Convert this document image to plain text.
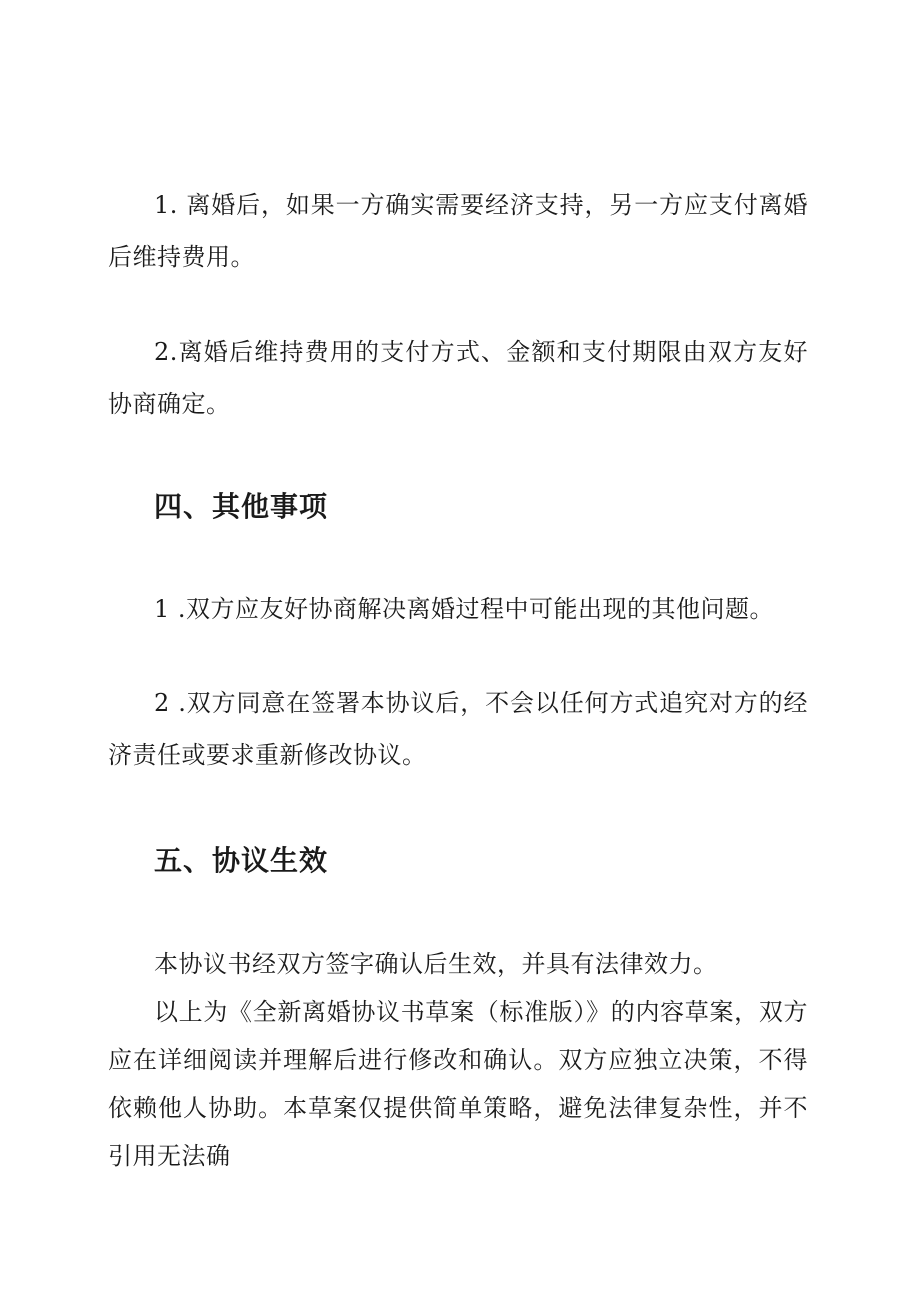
1. 离婚后，如果一方确实需要经济支持，另一方应支付离婚后维持费用。

2.离婚后维持费用的支付方式、金额和支付期限由双方友好协商确定。

四、其他事项

1 .双方应友好协商解决离婚过程中可能出现的其他问题。

2 .双方同意在签署本协议后，不会以任何方式追究对方的经济责任或要求重新修改协议。

五、协议生效

本协议书经双方签字确认后生效，并具有法律效力。

以上为《全新离婚协议书草案（标准版）》的内容草案，双方应在详细阅读并理解后进行修改和确认。双方应独立决策，不得依赖他人协助。本草案仅提供简单策略，避免法律复杂性，并不引用无法确
